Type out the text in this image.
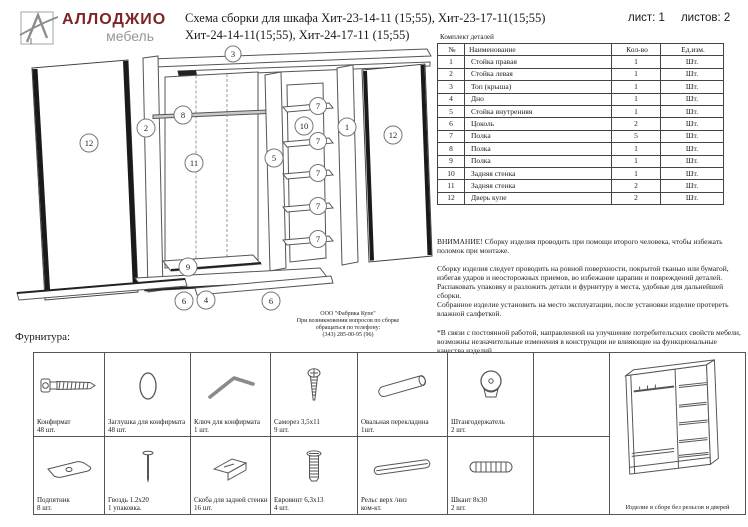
АЛЛОДЖИО
мебель
Схема сборки для шкафа Хит-23-14-11 (15;55), Хит-23-17-11(15;55)
Хит-24-14-11(15;55), Хит-24-17-11 (15;55)
лист: 1 листов: 2
12
2
3
8
11
9
5
10
7
7
7
7
7
1
12
6 4	6
Комплект деталей
№	Наименование	Кол-во	Ед.изм.
1	Стойка правая	1	Шт.
2	Стойка левая	1	Шт.
3	Топ (крыша)	1	Шт.
4	Дно	1	Шт.
5	Стойка внутренняя	1	Шт.
6	Цоколь	2	Шт.
7	Полка	5	Шт.
8	Полка	1	Шт.
9	Полка	1	Шт.
10	Задняя стенка	1	Шт.
11	Задняя стенка	2	Шт.
12	Дверь купе	2	Шт.

ВНИМАНИЕ! Сборку изделия проводить при помощи второго человека, чтобы избежать поломок при монтаже.

Сборку изделия следует проводить на ровной поверхности, покрытой тканью или бумагой, избегая ударов и неосторожных приемов, во избежание царапин и повреждений деталей.

Распаковать упаковку и разложить детали и фурнитуру в места, удобные для дальнейшей сборки.

Собранное изделие установить на место эксплуатации, после установки изделие протереть влажной салфеткой.

*В связи с постоянной работой, направленной на улучшение потребительских свойств мебели, возможны незначительные изменения в конструкции не влияющие на функциональные качества изделий.

ООО "Фабрика Купе"
При возникновении вопросов по сборке
обращаться по телефону:
(343) 285-00-95 (96)
Фурнитура:
Конфирмат
48 шт.
Заглушка для конфирмата
48 шт.
Ключ для конфирмата
1 шт.
Саморез 3,5х11
9 шт.
Овальная перекладина
1шт.
Штангодержатель
2 шт.
Подпятник
8 шт.
Гвоздь 1.2х20
1 упаковка.
Скоба для задней стенки
16 шт.
Евровинт 6,3х13
4 шт.
Рельс верх /низ
ком-кт.
Шкант 8х30
2 шт.	Изделие в сборе без рельсов и дверей
